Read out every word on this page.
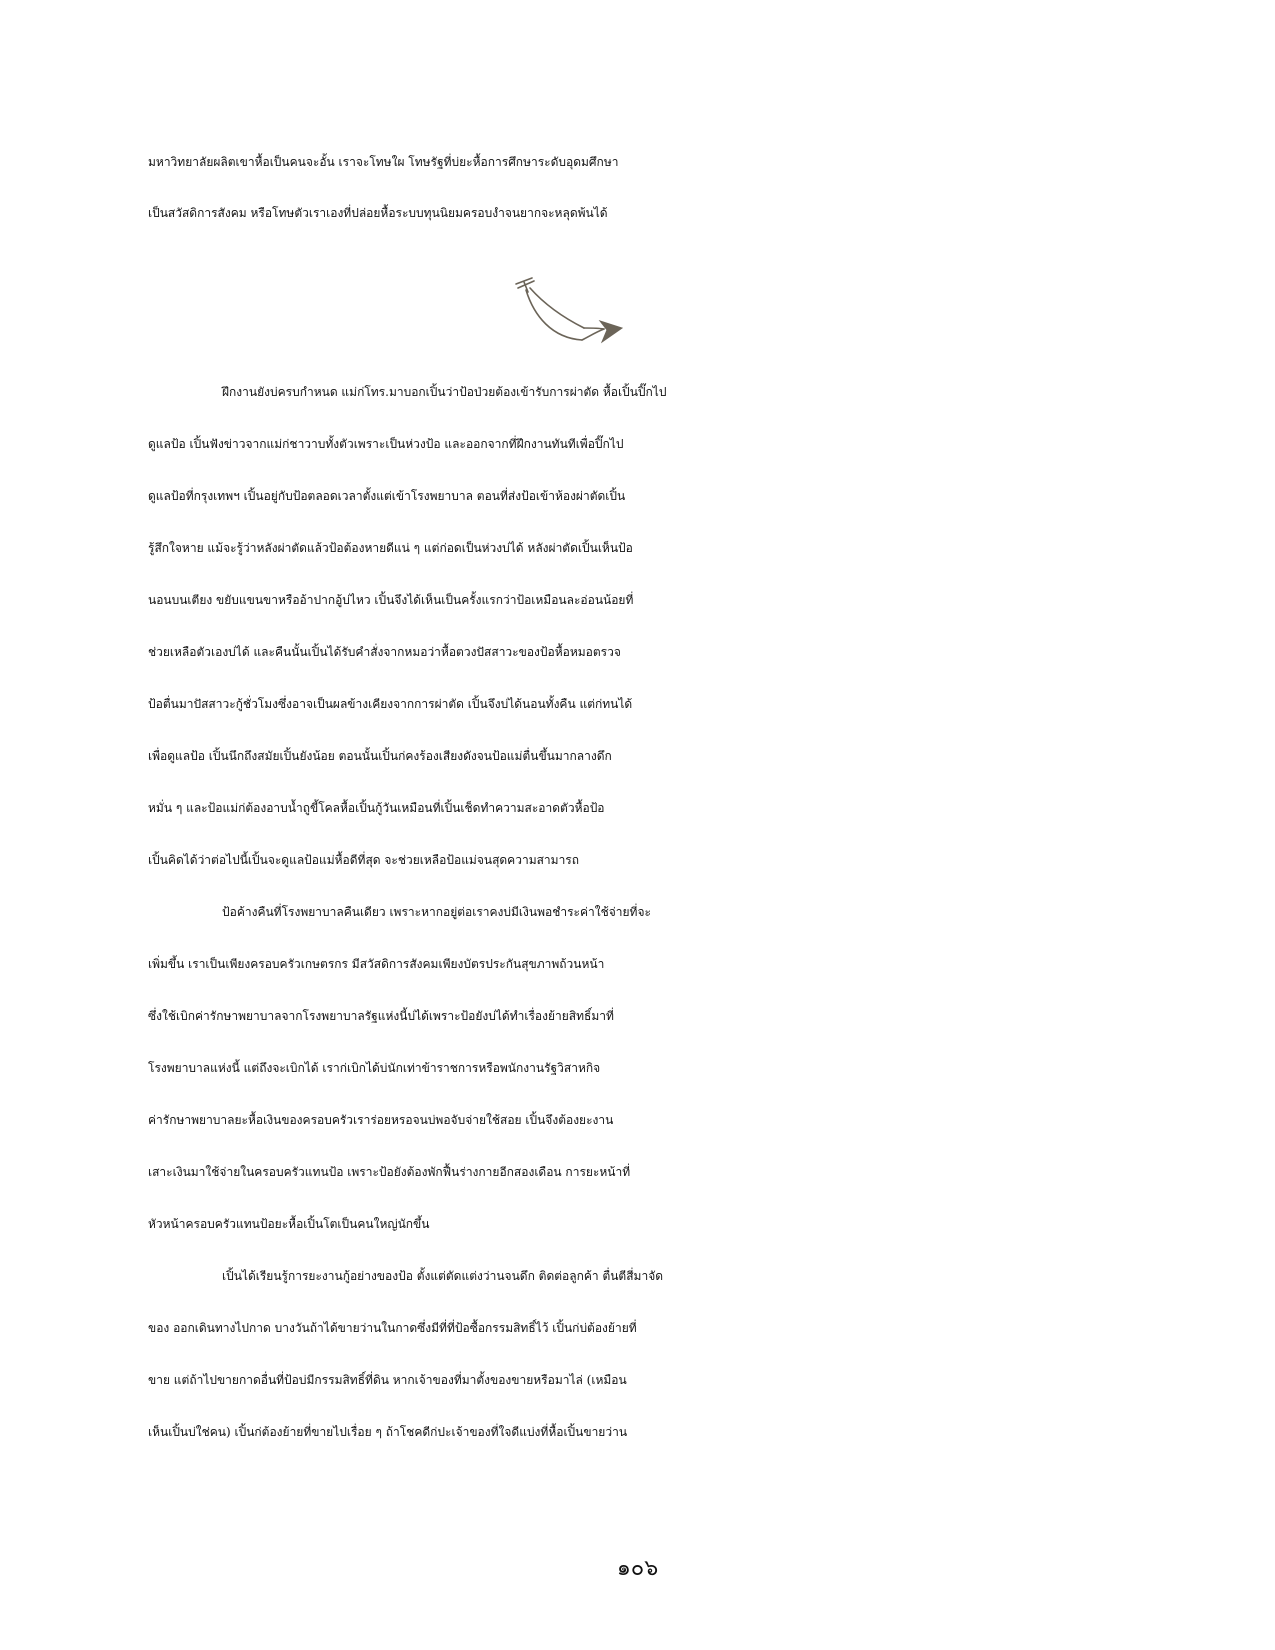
มหาวิทยาลัยผลิตเขาหื้อเป็นคนจะอั้น เราจะโทษใผ โทษรัฐที่บ่ยะหื้อการศึกษาระดับอุดมศึกษา
เป็นสวัสดิการสังคม หรือโทษตัวเราเองที่ปล่อยหื้อระบบทุนนิยมครอบงำจนยากจะหลุดพ้นได้
ฝึกงานยังบ่ครบกำหนด แม่ก่โทร.มาบอกเปิ้นว่าป้อป่วยต้องเข้ารับการผ่าตัด หื้อเปิ้นปิ๊กไป
ดูแลป้อ เปิ้นฟังข่าวจากแม่ก่ชาวาบทั้งตัวเพราะเป็นห่วงป้อ และออกจากที่ฝึกงานทันทีเพื่อปิ๊กไป
ดูแลป้อที่กรุงเทพฯ เปิ้นอยู่กับป้อตลอดเวลาตั้งแต่เข้าโรงพยาบาล ตอนที่ส่งป้อเข้าห้องผ่าตัดเปิ้น
รู้สึกใจหาย แม้จะรู้ว่าหลังผ่าตัดแล้วป้อต้องหายดีแน่ ๆ แต่ก่อดเป็นห่วงบ่ได้ หลังผ่าตัดเปิ้นเห็นป้อ
นอนบนเตียง ขยับแขนขาหรืออ้าปากอู้บ่ไหว เปิ้นจึงได้เห็นเป็นครั้งแรกว่าป้อเหมือนละอ่อนน้อยที่
ช่วยเหลือตัวเองบ่ได้ และคืนนั้นเปิ้นได้รับคำสั่งจากหมอว่าหื้อตวงปัสสาวะของป้อหื้อหมอตรวจ
ป้อตื่นมาปัสสาวะกู้ชั่วโมงซึ่งอาจเป็นผลข้างเคียงจากการผ่าตัด เปิ้นจึงบ่ได้นอนทั้งคืน แต่ก่ทนได้
เพื่อดูแลป้อ เปิ้นนึกถึงสมัยเปิ้นยังน้อย ตอนนั้นเปิ้นก่คงร้องเสียงดังจนป้อแม่ตื่นขึ้นมากลางดึก
หมั่น ๆ และป้อแม่ก่ต้องอาบน้ำถูขี้โคลหื้อเปิ้นกู้วันเหมือนที่เปิ้นเช็ดทำความสะอาดตัวหื้อป้อ
เปิ้นคิดได้ว่าต่อไปนี้เปิ้นจะดูแลป้อแม่หื้อดีที่สุด จะช่วยเหลือป้อแม่จนสุดความสามารถ
ป้อค้างคืนที่โรงพยาบาลคืนเดียว เพราะหากอยู่ต่อเราคงบ่มีเงินพอชำระค่าใช้จ่ายที่จะ
เพิ่มขึ้น เราเป็นเพียงครอบครัวเกษตรกร มีสวัสดิการสังคมเพียงบัตรประกันสุขภาพถ้วนหน้า
ซึ่งใช้เบิกค่ารักษาพยาบาลจากโรงพยาบาลรัฐแห่งนี้บ่ได้เพราะป้อยังบ่ได้ทำเรื่องย้ายสิทธิ์มาที่
โรงพยาบาลแห่งนี้ แต่ถึงจะเบิกได้ เราก่เบิกได้บ่นักเท่าข้าราชการหรือพนักงานรัฐวิสาหกิจ
ค่ารักษาพยาบาลยะหื้อเงินของครอบครัวเราร่อยหรอจนบ่พอจับจ่ายใช้สอย เปิ้นจึงต้องยะงาน
เสาะเงินมาใช้จ่ายในครอบครัวแทนป้อ เพราะป้อยังต้องพักฟื้นร่างกายอีกสองเดือน การยะหน้าที่
หัวหน้าครอบครัวแทนป้อยะหื้อเปิ้นโตเป็นคนใหญ่นักขึ้น
เปิ้นได้เรียนรู้การยะงานกู้อย่างของป้อ ตั้งแต่ตัดแต่งว่านจนดึก ติดต่อลูกค้า ตื่นตีสี่มาจัด
ของ ออกเดินทางไปกาด บางวันถ้าได้ขายว่านในกาดซึ่งมีที่ที่ป้อซื้อกรรมสิทธิ์ไว้ เปิ้นก่บ่ต้องย้ายที่
ขาย แต่ถ้าไปขายกาดอื่นที่ป้อบ่มีกรรมสิทธิ์ที่ดิน หากเจ้าของที่มาตั้งของขายหรือมาไล่ (เหมือน
เห็นเปิ้นบ่ใช่คน) เปิ้นก่ต้องย้ายที่ขายไปเรื่อย ๆ ถ้าโชคดีก่ปะเจ้าของที่ใจดีแบ่งที่หื้อเปิ้นขายว่าน
๑๐๖
